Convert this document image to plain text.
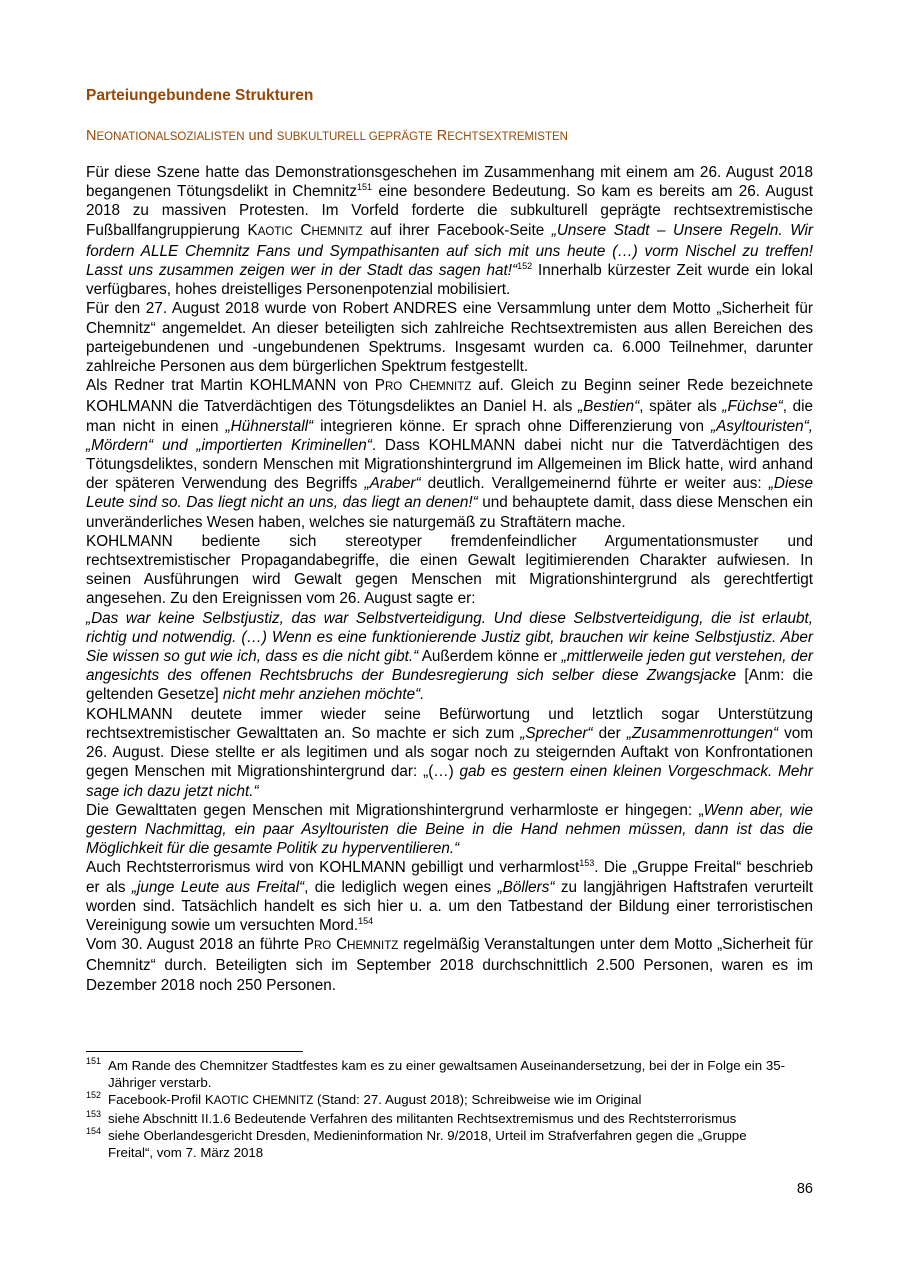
Parteiungebundene Strukturen
NEONATIONALSOZIALISTEN und SUBKULTURELL GEPRÄGTE RECHTSEXTREMISTEN

Für diese Szene hatte das Demonstrationsgeschehen im Zusammenhang mit einem am 26. August 2018 begangenen Tötungsdelikt in Chemnitz$^{151}$ eine besondere Bedeutung. So kam es bereits am 26. August 2018 zu massiven Protesten. Im Vorfeld forderte die subkulturell geprägte rechtsextremistische Fußballfangruppierung KAOTIC CHEMNITZ auf ihrer Facebook-Seite „Unsere Stadt – Unsere Regeln. Wir fordern ALLE Chemnitz Fans und Sympathisanten auf sich mit uns heute (…) vorm Nischel zu treffen! Lasst uns zusammen zeigen wer in der Stadt das sagen hat!“$^{152}$ Innerhalb kürzester Zeit wurde ein lokal verfügbares, hohes dreistelliges Personenpotenzial mobilisiert.

Für den 27. August 2018 wurde von Robert ANDRES eine Versammlung unter dem Motto „Sicherheit für Chemnitz“ angemeldet. An dieser beteiligten sich zahlreiche Rechtsextremisten aus allen Bereichen des parteigebundenen und -ungebundenen Spektrums. Insgesamt wurden ca. 6.000 Teilnehmer, darunter zahlreiche Personen aus dem bürgerlichen Spektrum festgestellt.

Als Redner trat Martin KOHLMANN von PRO CHEMNITZ auf. Gleich zu Beginn seiner Rede bezeichnete KOHLMANN die Tatverdächtigen des Tötungsdeliktes an Daniel H. als „Bestien“, später als „Füchse“, die man nicht in einen „Hühnerstall“ integrieren könne. Er sprach ohne Differenzierung von „Asyltouristen“, „Mördern“ und „importierten Kriminellen“. Dass KOHLMANN dabei nicht nur die Tatverdächtigen des Tötungsdeliktes, sondern Menschen mit Migrationshintergrund im Allgemeinen im Blick hatte, wird anhand der späteren Verwendung des Begriffs „Araber“ deutlich. Verallgemeinernd führte er weiter aus: „Diese Leute sind so. Das liegt nicht an uns, das liegt an denen!“ und behauptete damit, dass diese Menschen ein unveränderliches Wesen haben, welches sie naturgemäß zu Straftätern mache.

KOHLMANN bediente sich stereotyper fremdenfeindlicher Argumentationsmuster und rechtsextremistischer Propagandabegriffe, die einen Gewalt legitimierenden Charakter aufwiesen. In seinen Ausführungen wird Gewalt gegen Menschen mit Migrationshintergrund als gerechtfertigt angesehen. Zu den Ereignissen vom 26. August sagte er:

„Das war keine Selbstjustiz, das war Selbstverteidigung. Und diese Selbstverteidigung, die ist erlaubt, richtig und notwendig. (…) Wenn es eine funktionierende Justiz gibt, brauchen wir keine Selbstjustiz. Aber Sie wissen so gut wie ich, dass es die nicht gibt.“ Außerdem könne er „mittlerweile jeden gut verstehen, der angesichts des offenen Rechtsbruchs der Bundesregierung sich selber diese Zwangsjacke [Anm: die geltenden Gesetze] nicht mehr anziehen möchte“.

KOHLMANN deutete immer wieder seine Befürwortung und letztlich sogar Unterstützung rechtsextremistischer Gewalttaten an. So machte er sich zum „Sprecher“ der „Zusammenrottungen“ vom 26. August. Diese stellte er als legitimen und als sogar noch zu steigernden Auftakt von Konfrontationen gegen Menschen mit Migrationshintergrund dar: „(…) gab es gestern einen kleinen Vorgeschmack. Mehr sage ich dazu jetzt nicht.“

Die Gewalttaten gegen Menschen mit Migrationshintergrund verharmloste er hingegen: „Wenn aber, wie gestern Nachmittag, ein paar Asyltouristen die Beine in die Hand nehmen müssen, dann ist das die Möglichkeit für die gesamte Politik zu hyperventilieren.“

Auch Rechtsterrorismus wird von KOHLMANN gebilligt und verharmlost$^{153}$. Die „Gruppe Freital“ beschrieb er als „junge Leute aus Freital“, die lediglich wegen eines „Böllers“ zu langjährigen Haftstrafen verurteilt worden sind. Tatsächlich handelt es sich hier u. a. um den Tatbestand der Bildung einer terroristischen Vereinigung sowie um versuchten Mord.$^{154}$

Vom 30. August 2018 an führte PRO CHEMNITZ regelmäßig Veranstaltungen unter dem Motto „Sicherheit für Chemnitz“ durch. Beteiligten sich im September 2018 durchschnittlich 2.500 Personen, waren es im Dezember 2018 noch 250 Personen.

151 Am Rande des Chemnitzer Stadtfestes kam es zu einer gewaltsamen Auseinandersetzung, bei der in Folge ein 35-Jähriger verstarb.
152 Facebook-Profil KAOTIC CHEMNITZ (Stand: 27. August 2018); Schreibweise wie im Original
153 siehe Abschnitt II.1.6 Bedeutende Verfahren des militanten Rechtsextremismus und des Rechtsterrorismus
154 siehe Oberlandesgericht Dresden, Medieninformation Nr. 9/2018, Urteil im Strafverfahren gegen die „Gruppe Freital“, vom 7. März 2018
86
